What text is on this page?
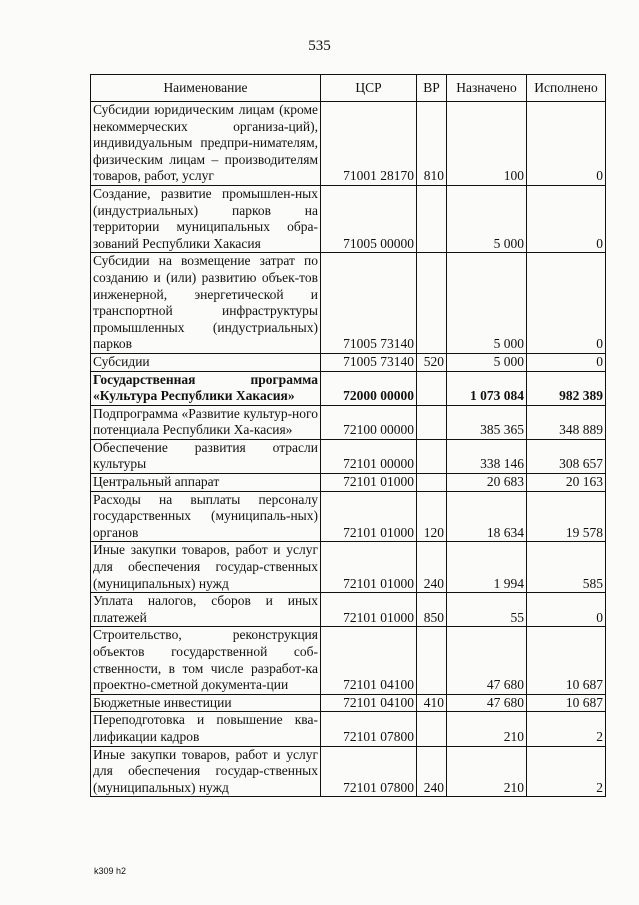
535
Наименование	ЦСР	ВР	Назначено	Исполнено
Субсидии юридическим лицам (кроме некоммерческих организа-ций), индивидуальным предпри-нимателям, физическим лицам – производителям товаров, работ, услуг	71001 28170	810	100	0
Создание, развитие промышлен-ных (индустриальных) парков на территории муниципальных обра-зований Республики Хакасия	71005 00000		5 000	0
Субсидии на возмещение затрат по созданию и (или) развитию объек-тов инженерной, энергетической и транспортной инфраструктуры промышленных (индустриальных) парков	71005 73140		5 000	0
Субсидии	71005 73140	520	5 000	0
Государственная программа «Культура Республики Хакасия»	72000 00000		1 073 084	982 389
Подпрограмма «Развитие культур-ного потенциала Республики Ха-касия»	72100 00000		385 365	348 889
Обеспечение развития отрасли культуры	72101 00000		338 146	308 657
Центральный аппарат	72101 01000		20 683	20 163
Расходы на выплаты персоналу государственных (муниципаль-ных) органов	72101 01000	120	18 634	19 578
Иные закупки товаров, работ и услуг для обеспечения государ-ственных (муниципальных) нужд	72101 01000	240	1 994	585
Уплата налогов, сборов и иных платежей	72101 01000	850	55	0
Строительство, реконструкция объектов государственной соб-ственности, в том числе разработ-ка проектно-сметной документа-ции	72101 04100		47 680	10 687
Бюджетные инвестиции	72101 04100	410	47 680	10 687
Переподготовка и повышение ква-лификации кадров	72101 07800		210	2
Иные закупки товаров, работ и услуг для обеспечения государ-ственных (муниципальных) нужд	72101 07800	240	210	2
k309 h2
